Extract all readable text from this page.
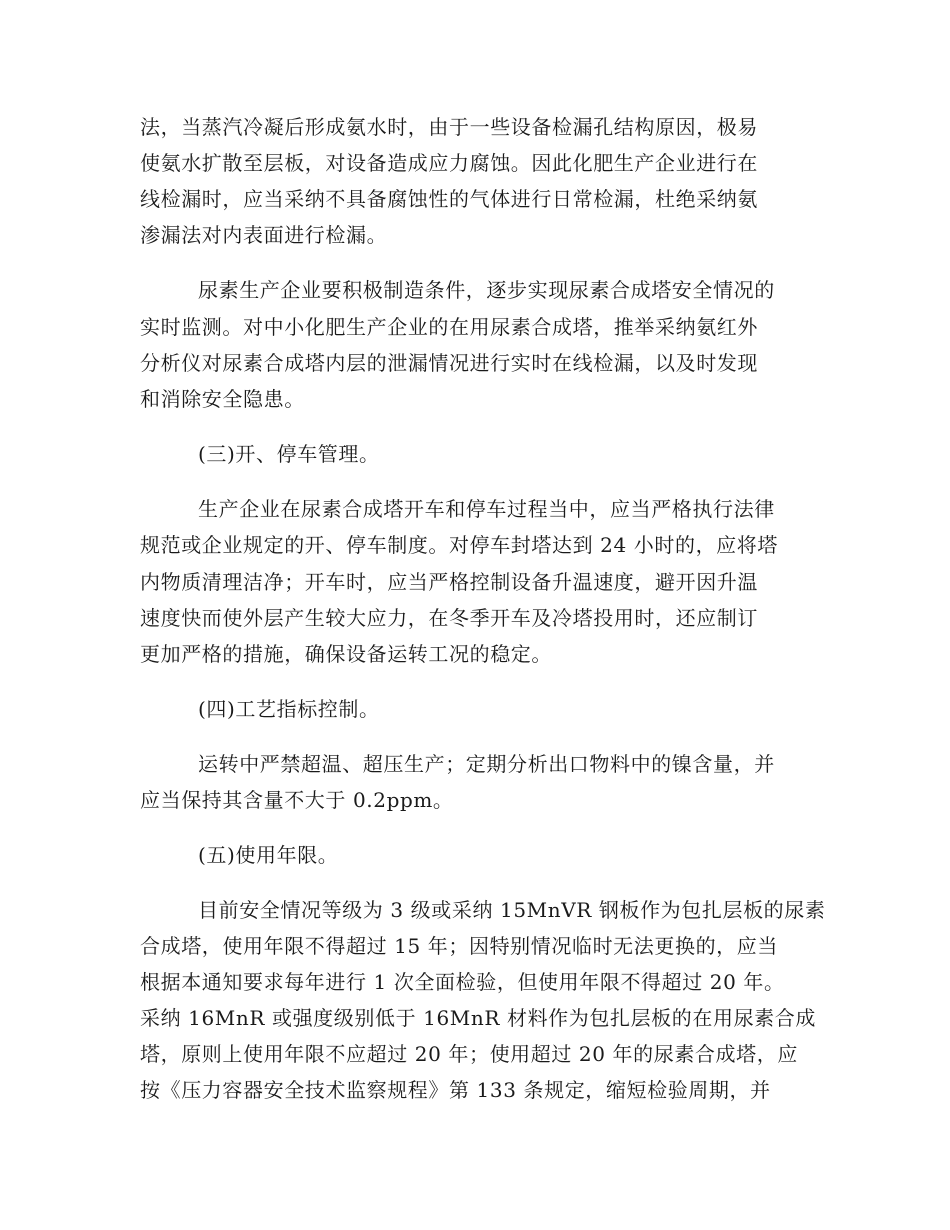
法，当蒸汽冷凝后形成氨水时，由于一些设备检漏孔结构原因，极易
使氨水扩散至层板，对设备造成应力腐蚀。因此化肥生产企业进行在
线检漏时，应当采纳不具备腐蚀性的气体进行日常检漏，杜绝采纳氨
渗漏法对内表面进行检漏。
尿素生产企业要积极制造条件，逐步实现尿素合成塔安全情况的
实时监测。对中小化肥生产企业的在用尿素合成塔，推举采纳氨红外
分析仪对尿素合成塔内层的泄漏情况进行实时在线检漏，以及时发现
和消除安全隐患。
(三)开、停车管理。
生产企业在尿素合成塔开车和停车过程当中，应当严格执行法律
规范或企业规定的开、停车制度。对停车封塔达到 24 小时的，应将塔
内物质清理洁净；开车时，应当严格控制设备升温速度，避开因升温
速度快而使外层产生较大应力，在冬季开车及冷塔投用时，还应制订
更加严格的措施，确保设备运转工况的稳定。
(四)工艺指标控制。
运转中严禁超温、超压生产；定期分析出口物料中的镍含量，并
应当保持其含量不大于 0.2ppm。
(五)使用年限。
目前安全情况等级为 3 级或采纳 15MnVR 钢板作为包扎层板的尿素
合成塔，使用年限不得超过 15 年；因特别情况临时无法更换的，应当
根据本通知要求每年进行 1 次全面检验，但使用年限不得超过 20 年。
采纳 16MnR 或强度级别低于 16MnR 材料作为包扎层板的在用尿素合成
塔，原则上使用年限不应超过 20 年；使用超过 20 年的尿素合成塔，应
按《压力容器安全技术监察规程》第 133 条规定，缩短检验周期，并
